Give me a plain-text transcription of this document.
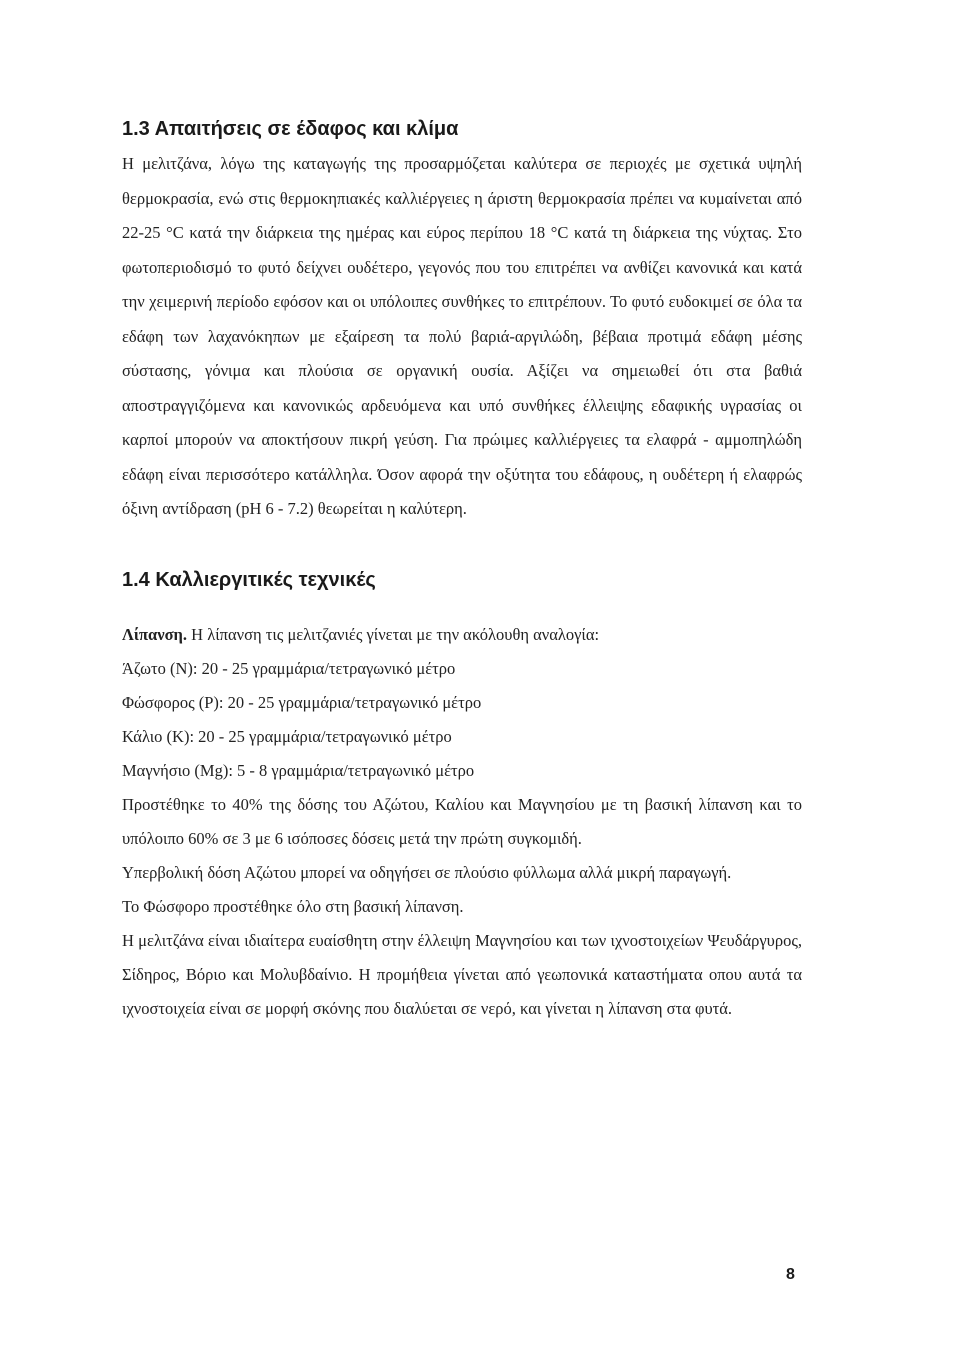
1.3 Απαιτήσεις σε έδαφος και κλίμα

Η μελιτζάνα, λόγω της καταγωγής της προσαρμόζεται καλύτερα σε περιοχές με σχετικά υψηλή θερμοκρασία, ενώ στις θερμοκηπιακές καλλιέργειες η άριστη θερμοκρασία πρέπει να κυμαίνεται από 22-25 °C κατά την διάρκεια της ημέρας και εύρος περίπου 18 °C κατά τη διάρκεια της νύχτας. Στο φωτοπεριοδισμό το φυτό δείχνει ουδέτερο, γεγονός που του επιτρέπει να ανθίζει κανονικά και κατά την χειμερινή περίοδο εφόσον και οι υπόλοιπες συνθήκες το επιτρέπουν. Το φυτό ευδοκιμεί σε όλα τα εδάφη των λαχανόκηπων με εξαίρεση τα πολύ βαριά-αργιλώδη, βέβαια προτιμά εδάφη μέσης σύστασης, γόνιμα και πλούσια σε οργανική ουσία. Αξίζει να σημειωθεί ότι στα βαθιά αποστραγγιζόμενα και κανονικώς αρδευόμενα και υπό συνθήκες έλλειψης εδαφικής υγρασίας οι καρποί μπορούν να αποκτήσουν πικρή γεύση. Για πρώιμες καλλιέργειες τα ελαφρά - αμμοπηλώδη εδάφη είναι περισσότερο κατάλληλα. Όσον αφορά την οξύτητα του εδάφους, η ουδέτερη ή ελαφρώς όξινη αντίδραση (pH 6 - 7.2) θεωρείται η καλύτερη.

1.4 Καλλιεργιτικές τεχνικές

Λίπανση. Η λίπανση τις μελιτζανιές γίνεται με την ακόλουθη αναλογία:

Άζωτο (N): 20 - 25 γραμμάρια/τετραγωνικό μέτρο

Φώσφορος (P): 20 - 25 γραμμάρια/τετραγωνικό μέτρο

Κάλιο (K): 20 - 25 γραμμάρια/τετραγωνικό μέτρο

Μαγνήσιο (Mg): 5 - 8 γραμμάρια/τετραγωνικό μέτρο

Προστέθηκε το 40% της δόσης του Αζώτου, Καλίου και Μαγνησίου με τη βασική λίπανση και το υπόλοιπο 60% σε 3 με 6 ισόποσες δόσεις μετά την πρώτη συγκομιδή.

Υπερβολική δόση Αζώτου μπορεί να οδηγήσει σε πλούσιο φύλλωμα αλλά μικρή παραγωγή.

Το Φώσφορο προστέθηκε όλο στη βασική λίπανση.

Η μελιτζάνα είναι ιδιαίτερα ευαίσθητη στην έλλειψη Μαγνησίου και των ιχνοστοιχείων Ψευδάργυρος, Σίδηρος, Βόριο και Μολυβδαίνιο. Η προμήθεια γίνεται από γεωπονικά καταστήματα οπου αυτά τα ιχνοστοιχεία είναι σε μορφή σκόνης που διαλύεται σε νερό, και γίνεται η λίπανση στα φυτά.

8
